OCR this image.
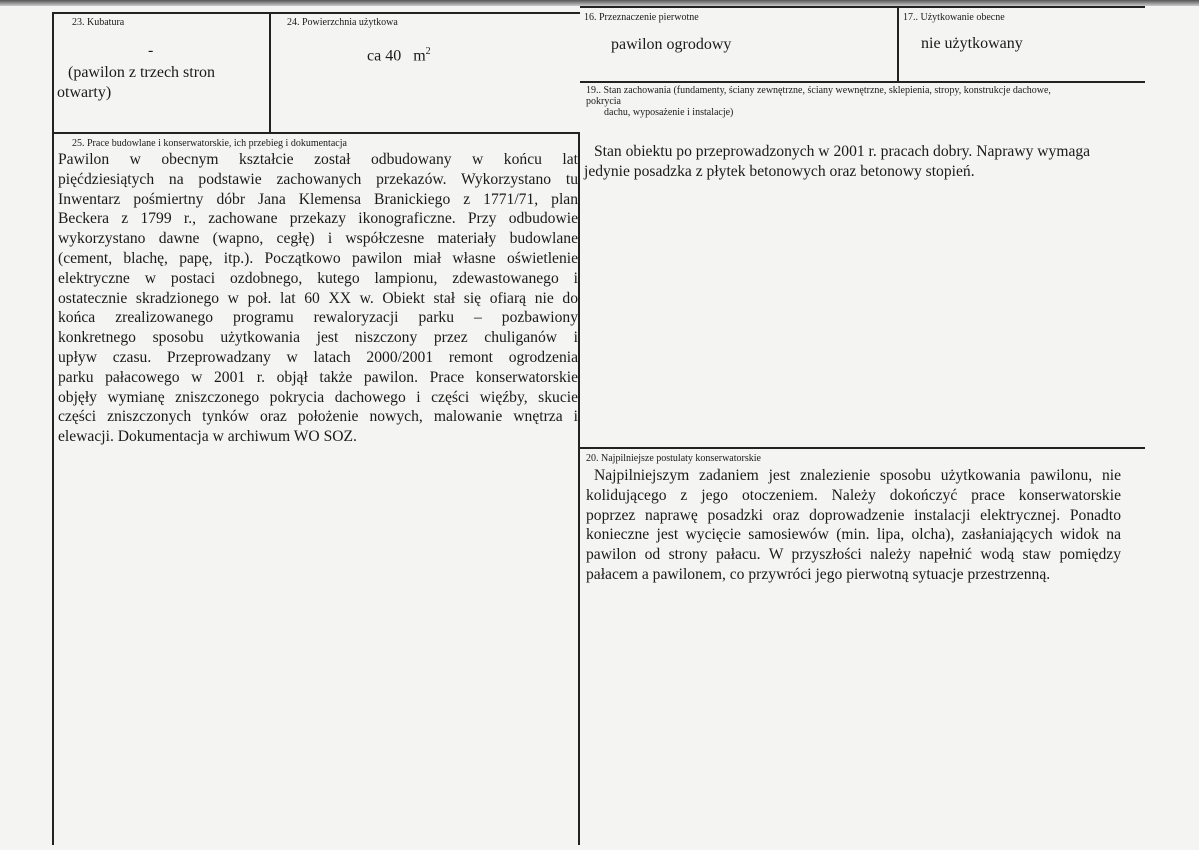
23. Kubatura
-
(pawilon z trzech stron
otwarty)
24. Powierzchnia użytkowa
ca 40 $m^2$
25. Prace budowlane i konserwatorskie, ich przebieg i dokumentacja
Pawilon w obecnym kształcie został odbudowany w końcu lat
pięćdziesiątych na podstawie zachowanych przekazów. Wykorzystano tu
Inwentarz pośmiertny dóbr Jana Klemensa Branickiego z 1771/71, plan
Beckera z 1799 r., zachowane przekazy ikonograficzne. Przy odbudowie
wykorzystano dawne (wapno, cegłę) i współczesne materiały budowlane
(cement, blachę, papę, itp.). Początkowo pawilon miał własne oświetlenie
elektryczne w postaci ozdobnego, kutego lampionu, zdewastowanego i
ostatecznie skradzionego w poł. lat 60 XX w. Obiekt stał się ofiarą nie do
końca zrealizowanego programu rewaloryzacji parku – pozbawiony
konkretnego sposobu użytkowania jest niszczony przez chuliganów i
upływ czasu. Przeprowadzany w latach 2000/2001 remont ogrodzenia
parku pałacowego w 2001 r. objął także pawilon. Prace konserwatorskie
objęły wymianę zniszczonego pokrycia dachowego i części więźby, skucie
części zniszczonych tynków oraz położenie nowych, malowanie wnętrza i
elewacji. Dokumentacja w archiwum WO SOZ.
16. Przeznaczenie pierwotne
pawilon ogrodowy
17.. Użytkowanie obecne
nie użytkowany
19.. Stan zachowania (fundamenty, ściany zewnętrzne, ściany wewnętrzne, sklepienia, stropy, konstrukcje dachowe,
pokrycia
dachu, wyposażenie i instalacje)
Stan obiektu po przeprowadzonych w 2001 r. pracach dobry. Naprawy wymaga
jedynie posadzka z płytek betonowych oraz betonowy stopień.
20. Najpilniejsze postulaty konserwatorskie
Najpilniejszym zadaniem jest znalezienie sposobu użytkowania pawilonu, nie
kolidującego z jego otoczeniem. Należy dokończyć prace konserwatorskie
poprzez naprawę posadzki oraz doprowadzenie instalacji elektrycznej. Ponadto
konieczne jest wycięcie samosiewów (min. lipa, olcha), zasłaniających widok na
pawilon od strony pałacu. W przyszłości należy napełnić wodą staw pomiędzy
pałacem a pawilonem, co przywróci jego pierwotną sytuacje przestrzenną.
